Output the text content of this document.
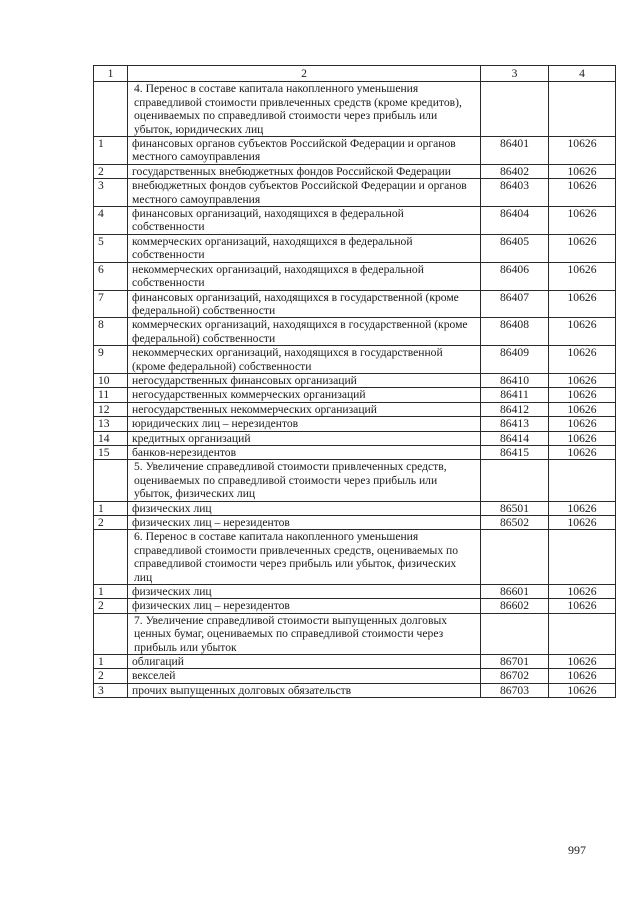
1	2	3	4
	4. Перенос в составе капитала накопленного уменьшения справедливой стоимости привлеченных средств (кроме кредитов), оцениваемых по справедливой стоимости через прибыль или убыток, юридических лиц		
1	финансовых органов субъектов Российской Федерации и органов местного самоуправления	86401	10626
2	государственных внебюджетных фондов Российской Федерации	86402	10626
3	внебюджетных фондов субъектов Российской Федерации и органов местного самоуправления	86403	10626
4	финансовых организаций, находящихся в федеральной собственности	86404	10626
5	коммерческих организаций, находящихся в федеральной собственности	86405	10626
6	некоммерческих организаций, находящихся в федеральной собственности	86406	10626
7	финансовых организаций, находящихся в государственной (кроме федеральной) собственности	86407	10626
8	коммерческих организаций, находящихся в государственной (кроме федеральной) собственности	86408	10626
9	некоммерческих организаций, находящихся в государственной (кроме федеральной) собственности	86409	10626
10	негосударственных финансовых организаций	86410	10626
11	негосударственных коммерческих организаций	86411	10626
12	негосударственных некоммерческих организаций	86412	10626
13	юридических лиц – нерезидентов	86413	10626
14	кредитных организаций	86414	10626
15	банков-нерезидентов	86415	10626
	5. Увеличение справедливой стоимости привлеченных средств, оцениваемых по справедливой стоимости через прибыль или убыток, физических лиц		
1	физических лиц	86501	10626
2	физических лиц – нерезидентов	86502	10626
	6. Перенос в составе капитала накопленного уменьшения справедливой стоимости привлеченных средств, оцениваемых по справедливой стоимости через прибыль или убыток, физических лиц		
1	физических лиц	86601	10626
2	физических лиц – нерезидентов	86602	10626
	7. Увеличение справедливой стоимости выпущенных долговых ценных бумаг, оцениваемых по справедливой стоимости через прибыль или убыток		
1	облигаций	86701	10626
2	векселей	86702	10626
3	прочих выпущенных долговых обязательств	86703	10626
997
